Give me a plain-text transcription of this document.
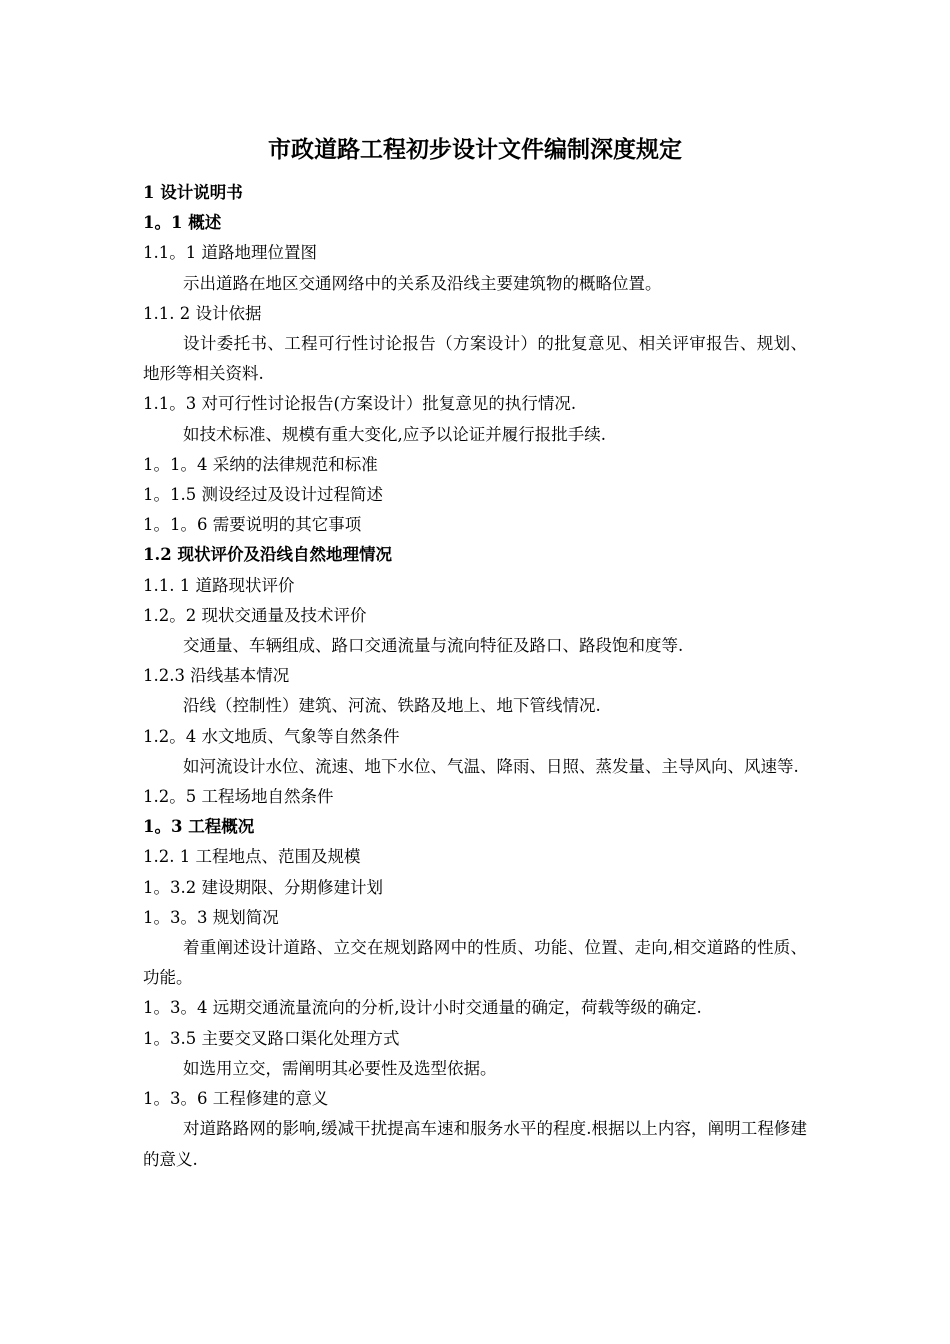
市政道路工程初步设计文件编制深度规定
1 设计说明书
1。1 概述
1.1。1 道路地理位置图
示出道路在地区交通网络中的关系及沿线主要建筑物的概略位置。
1.1. 2 设计依据
设计委托书、工程可行性讨论报告（方案设计）的批复意见、相关评审报告、规划、地形等相关资料.
1.1。3 对可行性讨论报告(方案设计）批复意见的执行情况.
如技术标准、规模有重大变化,应予以论证并履行报批手续.
1。1。4 采纳的法律规范和标准
1。1.5 测设经过及设计过程简述
1。1。6 需要说明的其它事项
1.2 现状评价及沿线自然地理情况
1.1. 1 道路现状评价
1.2。2 现状交通量及技术评价
交通量、车辆组成、路口交通流量与流向特征及路口、路段饱和度等.
1.2.3 沿线基本情况
沿线（控制性）建筑、河流、铁路及地上、地下管线情况.
1.2。4 水文地质、气象等自然条件
如河流设计水位、流速、地下水位、气温、降雨、日照、蒸发量、主导风向、风速等.
1.2。5 工程场地自然条件
1。3 工程概况
1.2. 1 工程地点、范围及规模
1。3.2 建设期限、分期修建计划
1。3。3 规划简况
着重阐述设计道路、立交在规划路网中的性质、功能、位置、走向,相交道路的性质、功能。
1。3。4 远期交通流量流向的分析,设计小时交通量的确定，荷载等级的确定.
1。3.5 主要交叉路口渠化处理方式
如选用立交，需阐明其必要性及选型依据。
1。3。6 工程修建的意义
对道路路网的影响,缓减干扰提高车速和服务水平的程度.根据以上内容，阐明工程修建的意义.
